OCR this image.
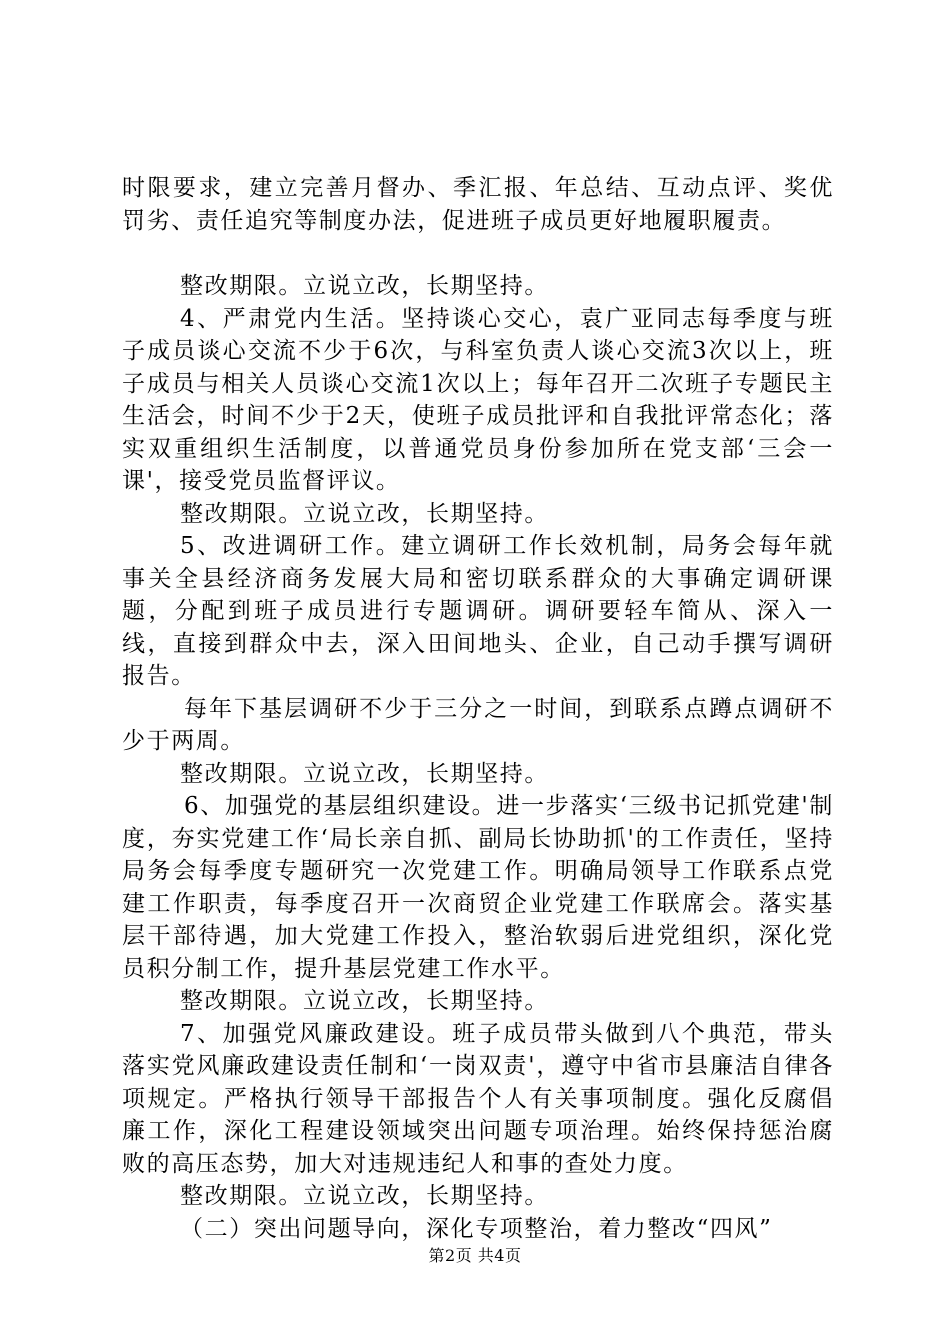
时限要求，建立完善月督办、季汇报、年总结、互动点评、奖优罚劣、责任追究等制度办法，促进班子成员更好地履职履责。

整改期限。立说立改，长期坚持。

4、严肃党内生活。坚持谈心交心，袁广亚同志每季度与班子成员谈心交流不少于6次，与科室负责人谈心交流3次以上，班子成员与相关人员谈心交流1次以上；每年召开二次班子专题民主生活会，时间不少于2天，使班子成员批评和自我批评常态化；落实双重组织生活制度，以普通党员身份参加所在党支部‘三会一课'，接受党员监督评议。

整改期限。立说立改，长期坚持。

5、改进调研工作。建立调研工作长效机制，局务会每年就事关全县经济商务发展大局和密切联系群众的大事确定调研课题，分配到班子成员进行专题调研。调研要轻车简从、深入一线，直接到群众中去，深入田间地头、企业，自己动手撰写调研报告。

每年下基层调研不少于三分之一时间，到联系点蹲点调研不少于两周。

整改期限。立说立改，长期坚持。

6、加强党的基层组织建设。进一步落实‘三级书记抓党建'制度，夯实党建工作‘局长亲自抓、副局长协助抓'的工作责任，坚持局务会每季度专题研究一次党建工作。明确局领导工作联系点党建工作职责，每季度召开一次商贸企业党建工作联席会。落实基层干部待遇，加大党建工作投入，整治软弱后进党组织，深化党员积分制工作，提升基层党建工作水平。

整改期限。立说立改，长期坚持。

7、加强党风廉政建设。班子成员带头做到八个典范，带头落实党风廉政建设责任制和‘一岗双责'，遵守中省市县廉洁自律各项规定。严格执行领导干部报告个人有关事项制度。强化反腐倡廉工作，深化工程建设领域突出问题专项治理。始终保持惩治腐败的高压态势，加大对违规违纪人和事的查处力度。

整改期限。立说立改，长期坚持。

（二）突出问题导向，深化专项整治，着力整改“四风”

第2页 共4页
